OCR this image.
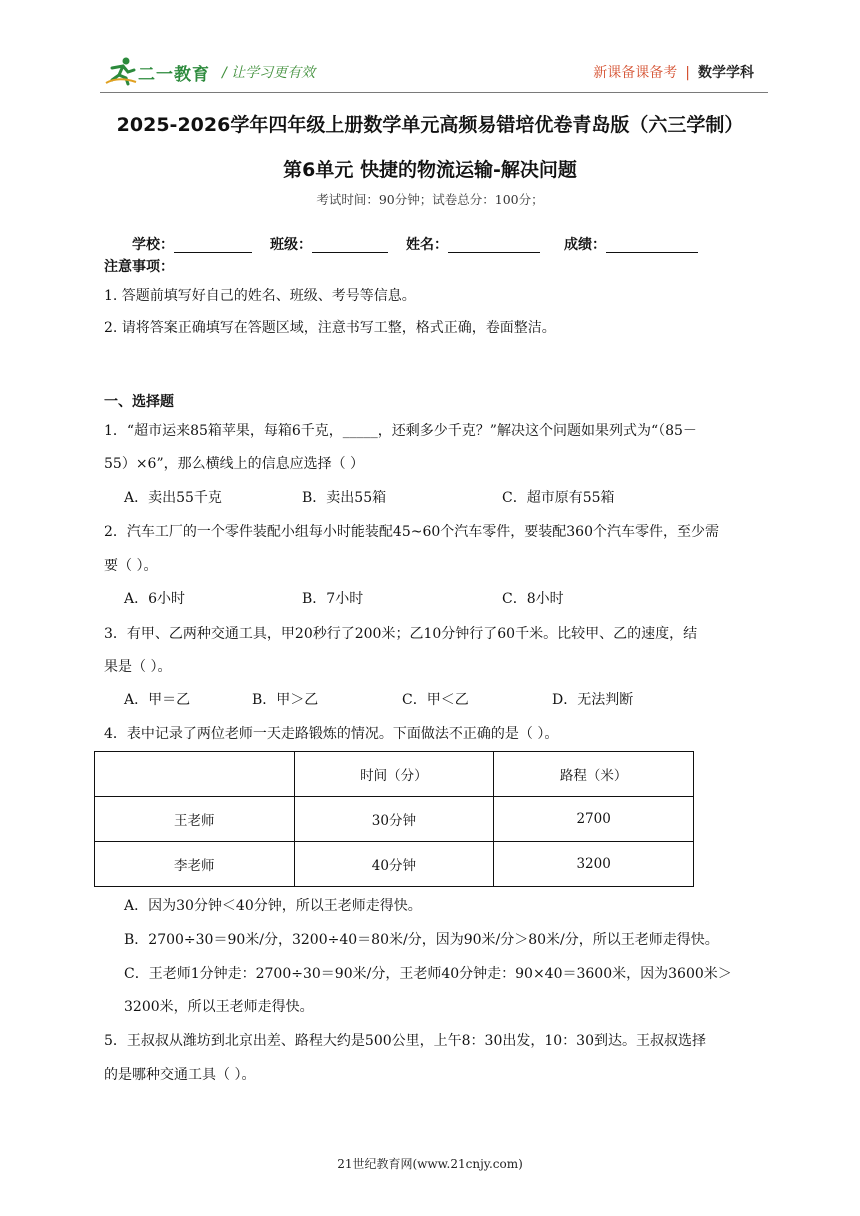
二一教育 / 让学习更有效	新课备课备考 | 数学学科
2025-2026学年四年级上册数学单元高频易错培优卷青岛版（六三学制）
第6单元 快捷的物流运输-解决问题
考试时间：90分钟；试卷总分：100分；
学校：	班级：	姓名：	成绩：
注意事项：
1. 答题前填写好自己的姓名、班级、考号等信息。
2. 请将答案正确填写在答题区域，注意书写工整，格式正确，卷面整洁。
一、选择题
1．“超市运来85箱苹果，每箱6千克，_____，还剩多少千克？”解决这个问题如果列式为“（85－
55）×6”，那么横线上的信息应选择（ ）
A．卖出55千克	B．卖出55箱	C．超市原有55箱
2．汽车工厂的一个零件装配小组每小时能装配45~60个汽车零件，要装配360个汽车零件，至少需
要（ ）。
A．6小时	B．7小时	C．8小时
3．有甲、乙两种交通工具，甲20秒行了200米；乙10分钟行了60千米。比较甲、乙的速度，结
果是（ ）。
A．甲＝乙	B．甲＞乙	C．甲＜乙	D．无法判断
4．表中记录了两位老师一天走路锻炼的情况。下面做法不正确的是（ ）。
	时间（分）	路程（米）
王老师	30分钟	2700
李老师	40分钟	3200
A．因为30分钟＜40分钟，所以王老师走得快。
B．2700÷30＝90米/分，3200÷40＝80米/分，因为90米/分＞80米/分，所以王老师走得快。
C．王老师1分钟走：2700÷30＝90米/分，王老师40分钟走：90×40＝3600米，因为3600米＞
3200米，所以王老师走得快。
5．王叔叔从潍坊到北京出差、路程大约是500公里，上午8：30出发，10：30到达。王叔叔选择
的是哪种交通工具（ ）。
21世纪教育网(www.21cnjy.com)
